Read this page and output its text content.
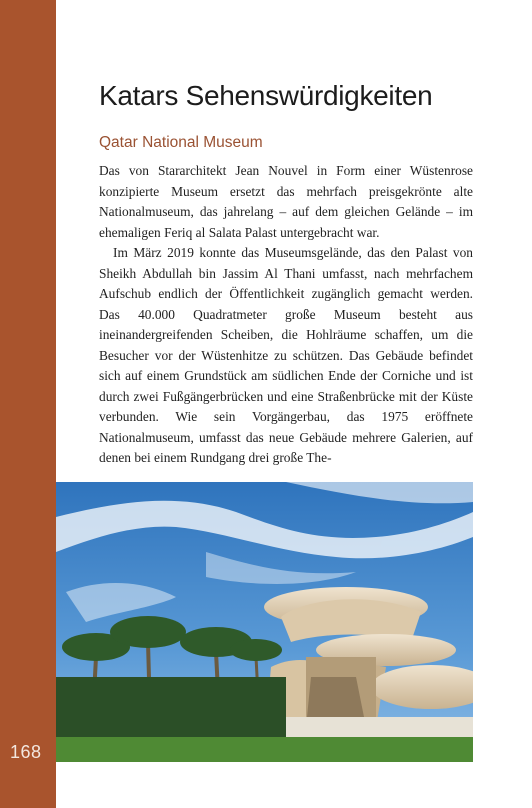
168
Katars Sehenswürdigkeiten
Qatar National Museum

Das von Stararchitekt Jean Nouvel in Form einer Wüstenrose konzipierte Museum ersetzt das mehrfach preisgekrönte alte Nationalmuseum, das jahrelang – auf dem gleichen Gelände – im ehemaligen Feriq al Salata Palast untergebracht war.

Im März 2019 konnte das Museumsgelände, das den Palast von Sheikh Abdullah bin Jassim Al Thani umfasst, nach mehrfachem Aufschub endlich der Öffentlichkeit zugänglich gemacht werden. Das 40.000 Quadratmeter große Museum besteht aus ineinandergreifenden Scheiben, die Hohlräume schaffen, um die Besucher vor der Wüstenhitze zu schützen. Das Gebäude befindet sich auf einem Grundstück am südlichen Ende der Corniche und ist durch zwei Fußgängerbrücken und eine Straßenbrücke mit der Küste verbunden. Wie sein Vorgängerbau, das 1975 eröffnete Nationalmuseum, umfasst das neue Gebäude mehrere Galerien, auf denen bei einem Rundgang drei große The-
